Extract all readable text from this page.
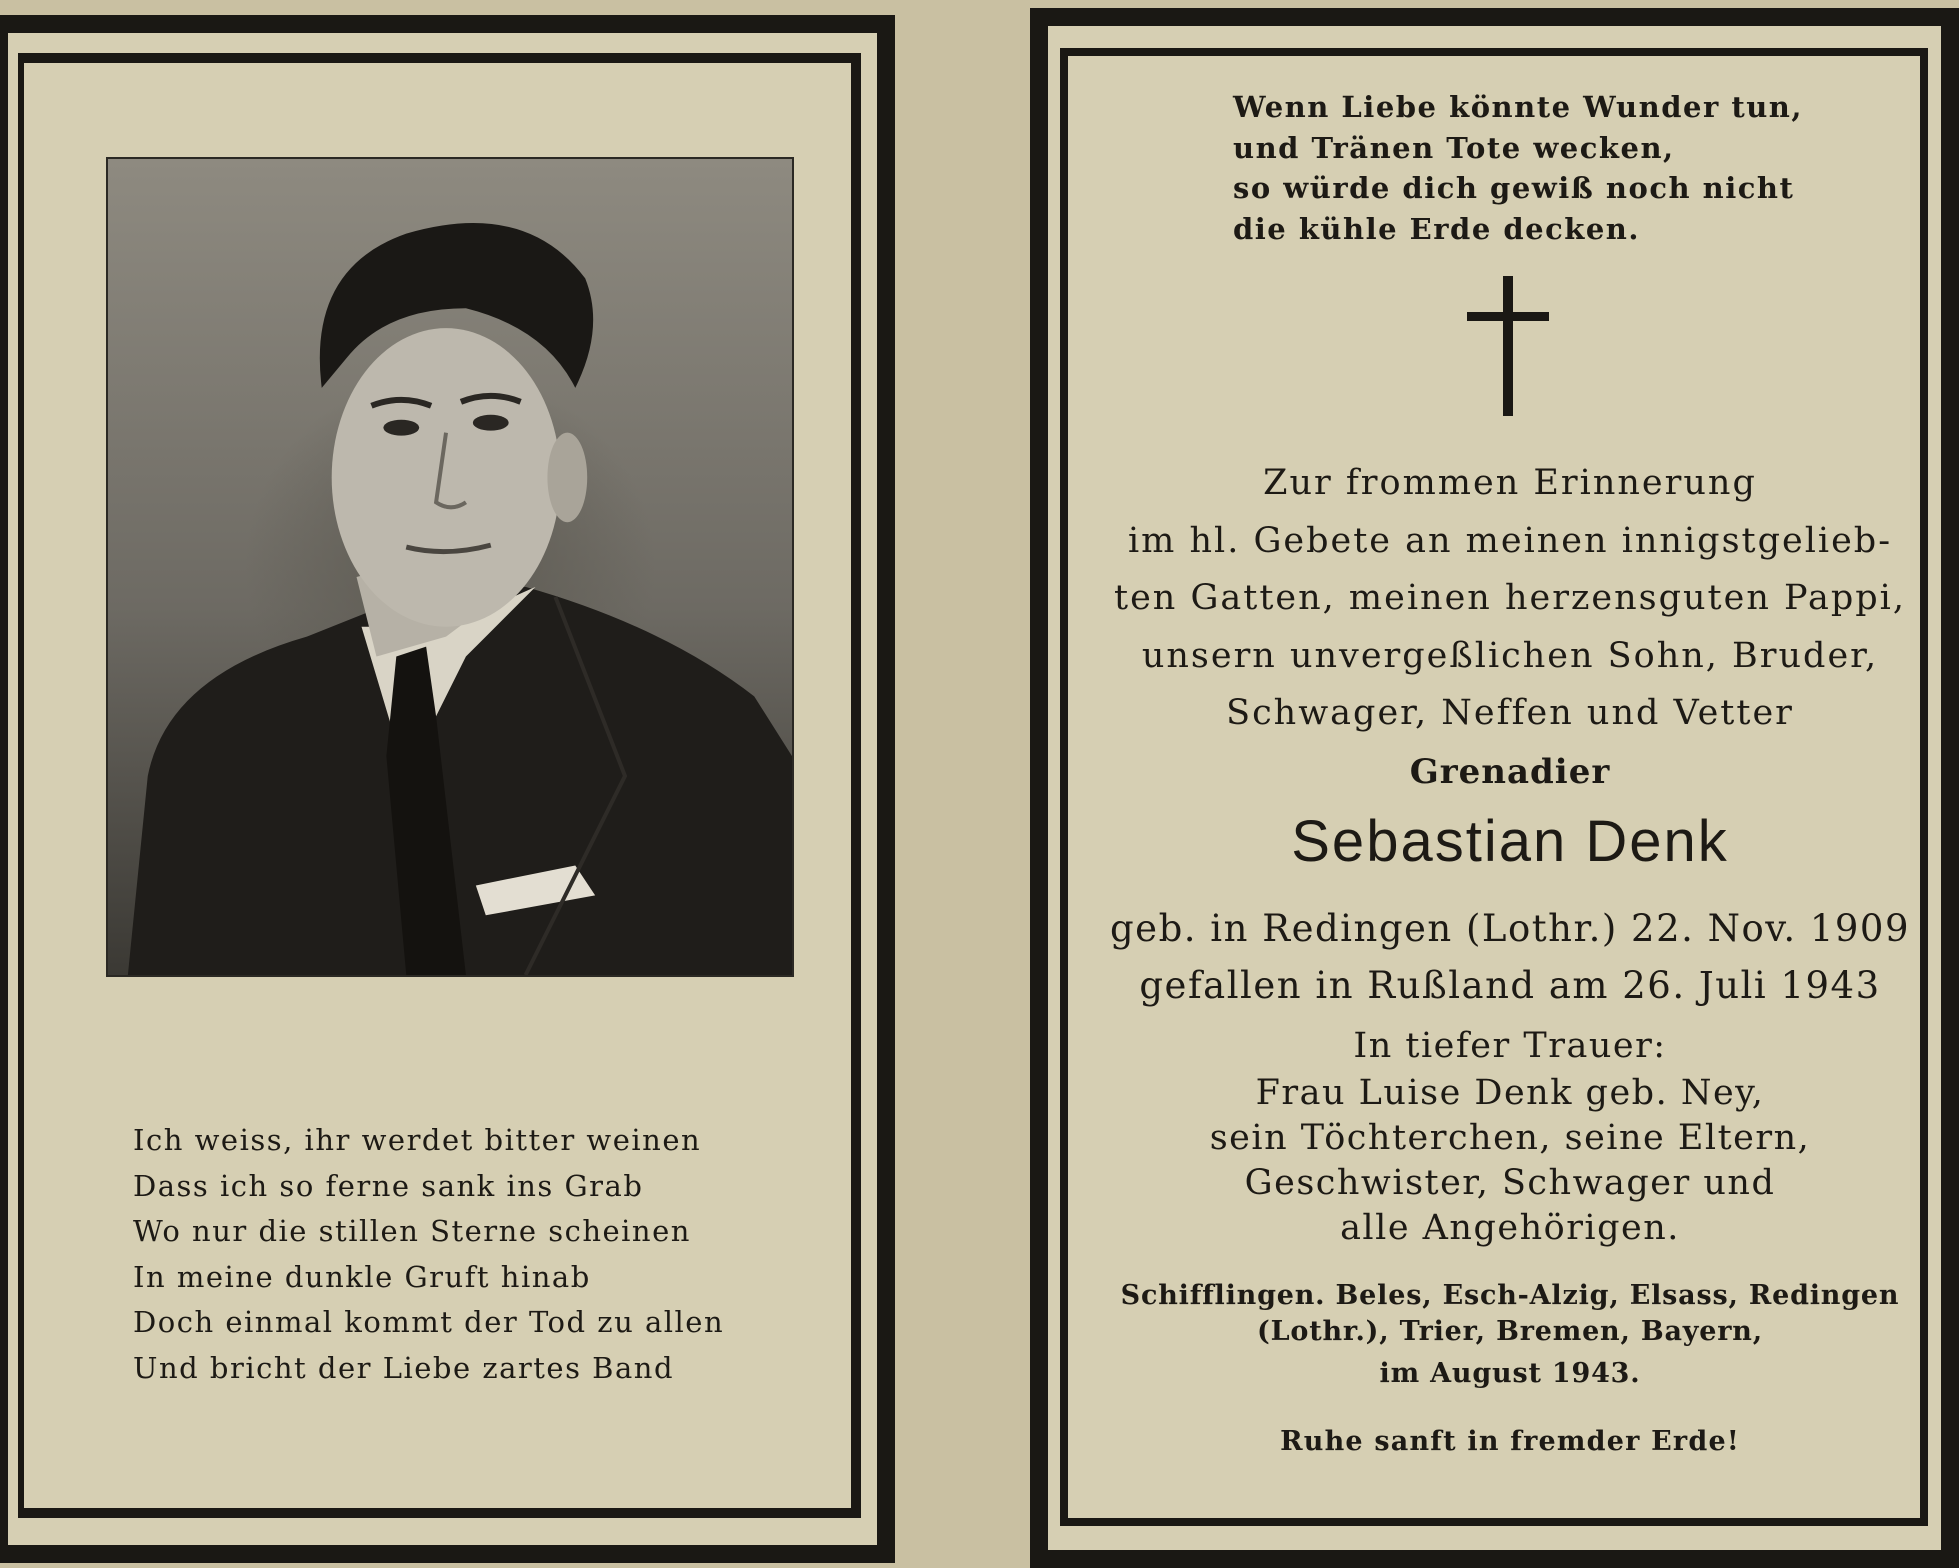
Ich weiss, ihr werdet bitter weinen
Dass ich so ferne sank ins Grab
Wo nur die stillen Sterne scheinen
In meine dunkle Gruft hinab
Doch einmal kommt der Tod zu allen
Und bricht der Liebe zartes Band
Wenn Liebe könnte Wunder tun,
und Tränen Tote wecken,
so würde dich gewiß noch nicht
die kühle Erde decken.
Zur frommen Erinnerung
im hl. Gebete an meinen innigstgelieb-
ten Gatten, meinen herzensguten Pappi,
unsern unvergeßlichen Sohn, Bruder,
Schwager, Neffen und Vetter
Grenadier
Sebastian Denk
geb. in Redingen (Lothr.) 22. Nov. 1909
gefallen in Rußland am 26. Juli 1943
In tiefer Trauer:
Frau Luise Denk geb. Ney,
sein Töchterchen, seine Eltern,
Geschwister, Schwager und
alle Angehörigen.
Schifflingen. Beles, Esch-Alzig, Elsass, Redingen
(Lothr.), Trier, Bremen, Bayern,
im August 1943.
Ruhe sanft in fremder Erde!
